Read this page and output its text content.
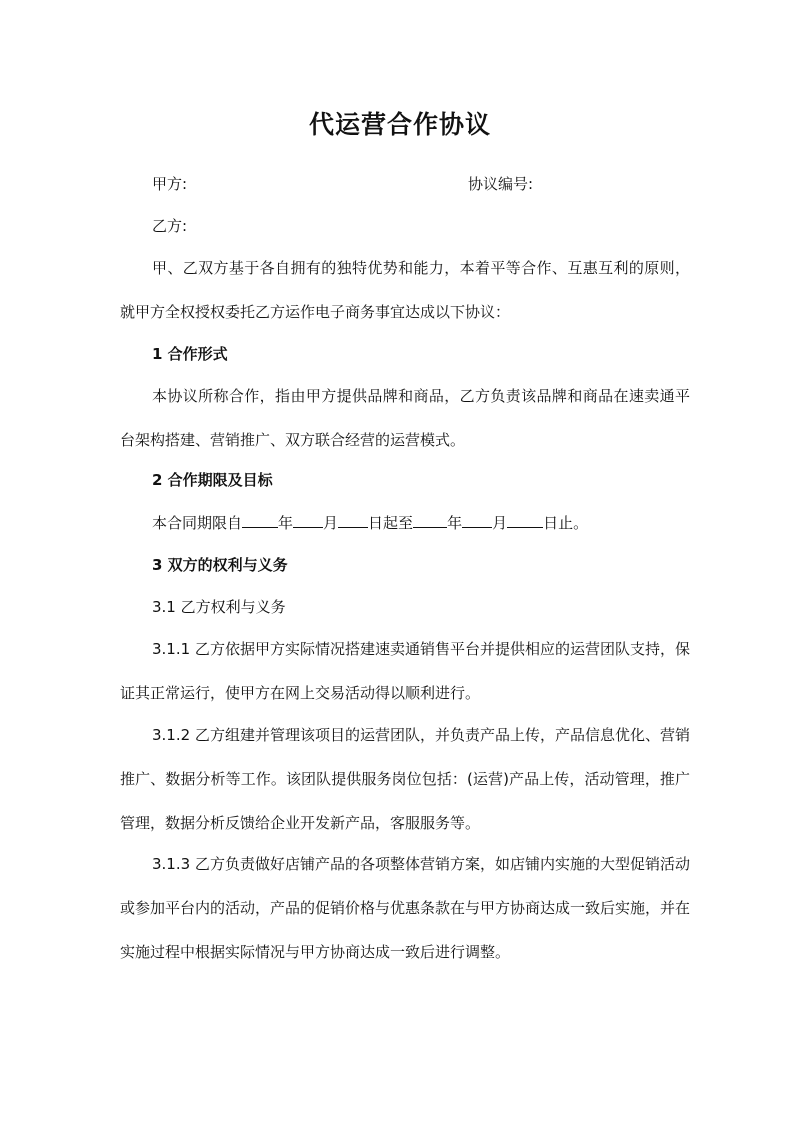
代运营合作协议
甲方:	协议编号:
乙方:
甲、乙双方基于各自拥有的独特优势和能力，本着平等合作、互惠互利的原则，就甲方全权授权委托乙方运作电子商务事宜达成以下协议：
1 合作形式
本协议所称合作，指由甲方提供品牌和商品，乙方负责该品牌和商品在速卖通平台架构搭建、营销推广、双方联合经营的运营模式。
2 合作期限及目标
本合同期限自 年 月 日起至 年 月 日止。
3 双方的权利与义务
3.1 乙方权利与义务
3.1.1 乙方依据甲方实际情况搭建速卖通销售平台并提供相应的运营团队支持，保证其正常运行，使甲方在网上交易活动得以顺利进行。
3.1.2 乙方组建并管理该项目的运营团队，并负责产品上传，产品信息优化、营销推广、数据分析等工作。该团队提供服务岗位包括：(运营)产品上传，活动管理，推广管理，数据分析反馈给企业开发新产品，客服服务等。
3.1.3 乙方负责做好店铺产品的各项整体营销方案，如店铺内实施的大型促销活动或参加平台内的活动，产品的促销价格与优惠条款在与甲方协商达成一致后实施，并在实施过程中根据实际情况与甲方协商达成一致后进行调整。
